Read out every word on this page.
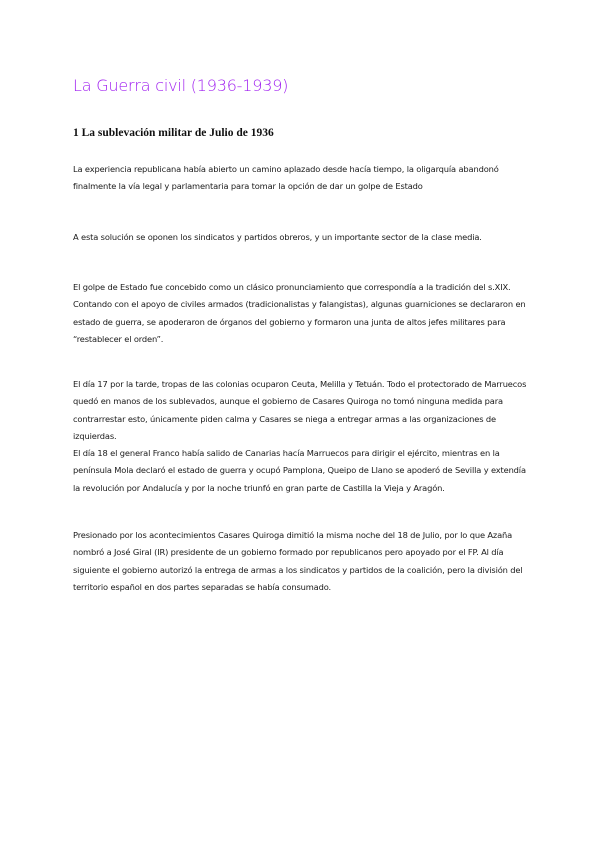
La Guerra civil (1936-1939)
1 La sublevación militar de Julio de 1936

La experiencia republicana había abierto un camino aplazado desde hacía tiempo, la oligarquía abandonó finalmente la vía legal y parlamentaria para tomar la opción de dar un golpe de Estado

A esta solución se oponen los sindicatos y partidos obreros, y un importante sector de la clase media.

El golpe de Estado fue concebido como un clásico pronunciamiento que correspondía a la tradición del s.XIX. Contando con el apoyo de civiles armados (tradicionalistas y falangistas), algunas guarniciones se declararon en estado de guerra, se apoderaron de órganos del gobierno y formaron una junta de altos jefes militares para “restablecer el orden”.

El día 17 por la tarde, tropas de las colonias ocuparon Ceuta, Melilla y Tetuán. Todo el protectorado de Marruecos quedó en manos de los sublevados, aunque el gobierno de Casares Quiroga no tomó ninguna medida para contrarrestar esto, únicamente piden calma y Casares se niega a entregar armas a las organizaciones de izquierdas.

El día 18 el general Franco había salido de Canarias hacía Marruecos para dirigir el ejército, mientras en la península Mola declaró el estado de guerra y ocupó Pamplona, Queipo de Llano se apoderó de Sevilla y extendía la revolución por Andalucía y por la noche triunfó en gran parte de Castilla la Vieja y Aragón.

Presionado por los acontecimientos Casares Quiroga dimitió la misma noche del 18 de Julio, por lo que Azaña nombró a José Giral (IR) presidente de un gobierno formado por republicanos pero apoyado por el FP. Al día siguiente el gobierno autorizó la entrega de armas a los sindicatos y partidos de la coalición, pero la división del territorio español en dos partes separadas se había consumado.
